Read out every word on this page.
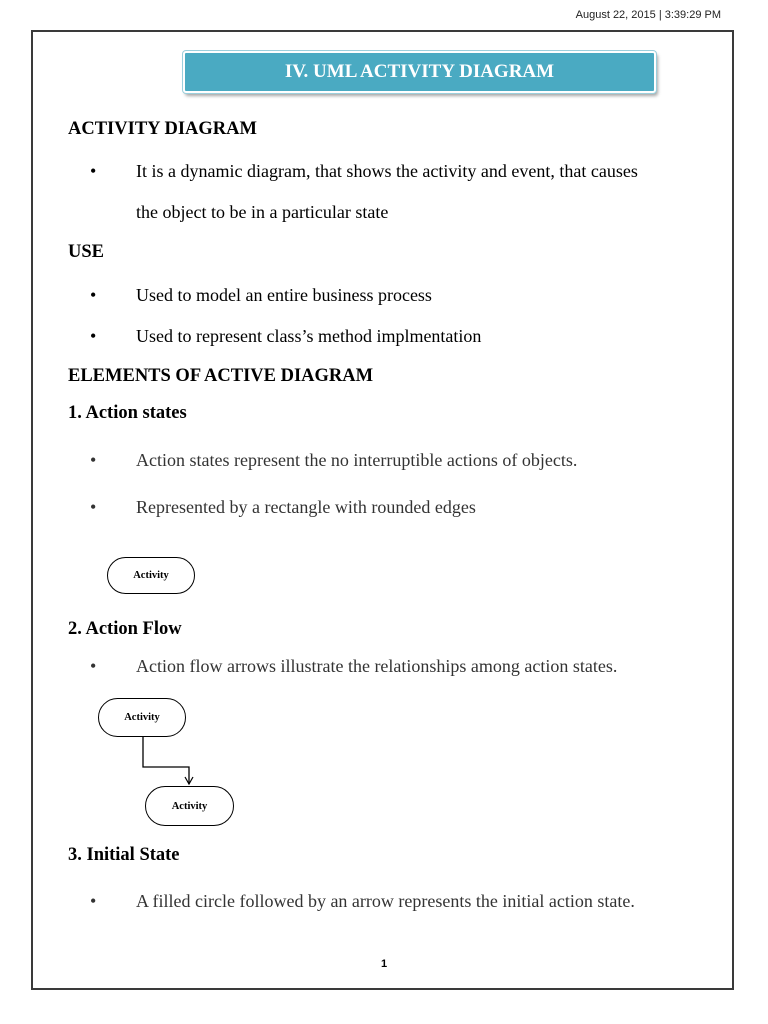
August 22, 2015 | 3:39:29 PM
IV. UML ACTIVITY DIAGRAM
ACTIVITY DIAGRAM
• It is a dynamic diagram, that shows the activity and event, that causes
the object to be in a particular state
USE
• Used to model an entire business process
• Used to represent class’s method implmentation
ELEMENTS OF ACTIVE DIAGRAM
1. Action states
• Action states represent the no interruptible actions of objects.
• Represented by a rectangle with rounded edges
Activity
2. Action Flow
• Action flow arrows illustrate the relationships among action states.
Activity
Activity
3. Initial State
• A filled circle followed by an arrow represents the initial action state.
1
